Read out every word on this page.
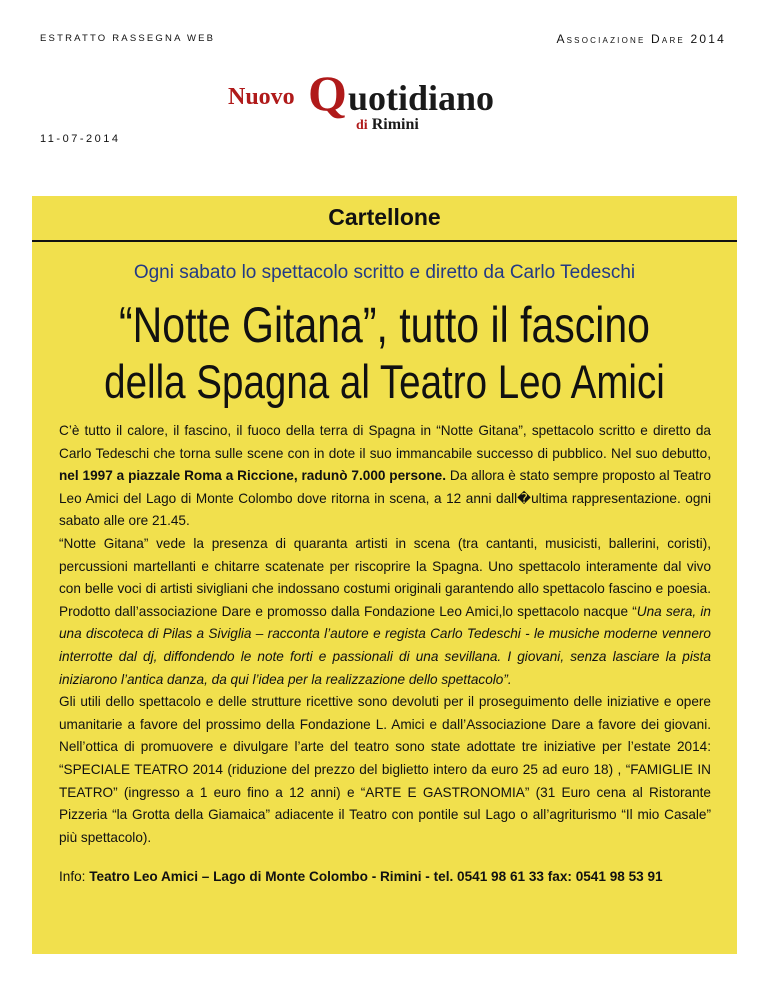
ESTRATTO RASSEGNA WEB	Associazione Dare 2014
Nuovo Q uotidiano
di Rimini
11-07-2014
Cartellone
Ogni sabato lo spettacolo scritto e diretto da Carlo Tedeschi
“Notte Gitana”, tutto il fascino
della Spagna al Teatro Leo Amici

C’è tutto il calore, il fascino, il fuoco della terra di Spagna in “Notte Gitana”, spettacolo scritto e diretto da Carlo Tedeschi che torna sulle scene con in dote il suo immancabile successo di pubblico. Nel suo debutto, nel 1997 a piazzale Roma a Riccione, radunò 7.000 persone. Da allora è stato sempre proposto al Teatro Leo Amici del Lago di Monte Colombo dove ritorna in scena, a 12 anni dall�ultima rappresentazione. ogni sabato alle ore 21.45.

“Notte Gitana” vede la presenza di quaranta artisti in scena (tra cantanti, musicisti, ballerini, coristi), percussioni martellanti e chitarre scatenate per riscoprire la Spagna. Uno spettacolo interamente dal vivo con belle voci di artisti sivigliani che indossano costumi originali garantendo allo spettacolo fascino e poesia. Prodotto dall’associazione Dare e promosso dalla Fondazione Leo Amici,lo spettacolo nacque “Una sera, in una discoteca di Pilas a Siviglia – racconta l’autore e regista Carlo Tedeschi - le musiche moderne vennero interrotte dal dj, diffondendo le note forti e passionali di una sevillana. I giovani, senza lasciare la pista iniziarono l’antica danza, da qui l’idea per la realizzazione dello spettacolo”.

Gli utili dello spettacolo e delle strutture ricettive sono devoluti per il proseguimento delle iniziative e opere umanitarie a favore del prossimo della Fondazione L. Amici e dall’Associazione Dare a favore dei giovani. Nell’ottica di promuovere e divulgare l’arte del teatro sono state adottate tre iniziative per l’estate 2014: “SPECIALE TEATRO 2014 (riduzione del prezzo del biglietto intero da euro 25 ad euro 18) , “FAMIGLIE IN TEATRO” (ingresso a 1 euro fino a 12 anni) e “ARTE E GASTRONOMIA” (31 Euro cena al Ristorante Pizzeria “la Grotta della Giamaica” adiacente il Teatro con pontile sul Lago o all’agriturismo “Il mio Casale” più spettacolo).

Info: Teatro Leo Amici – Lago di Monte Colombo - Rimini - tel. 0541 98 61 33 fax: 0541 98 53 91
